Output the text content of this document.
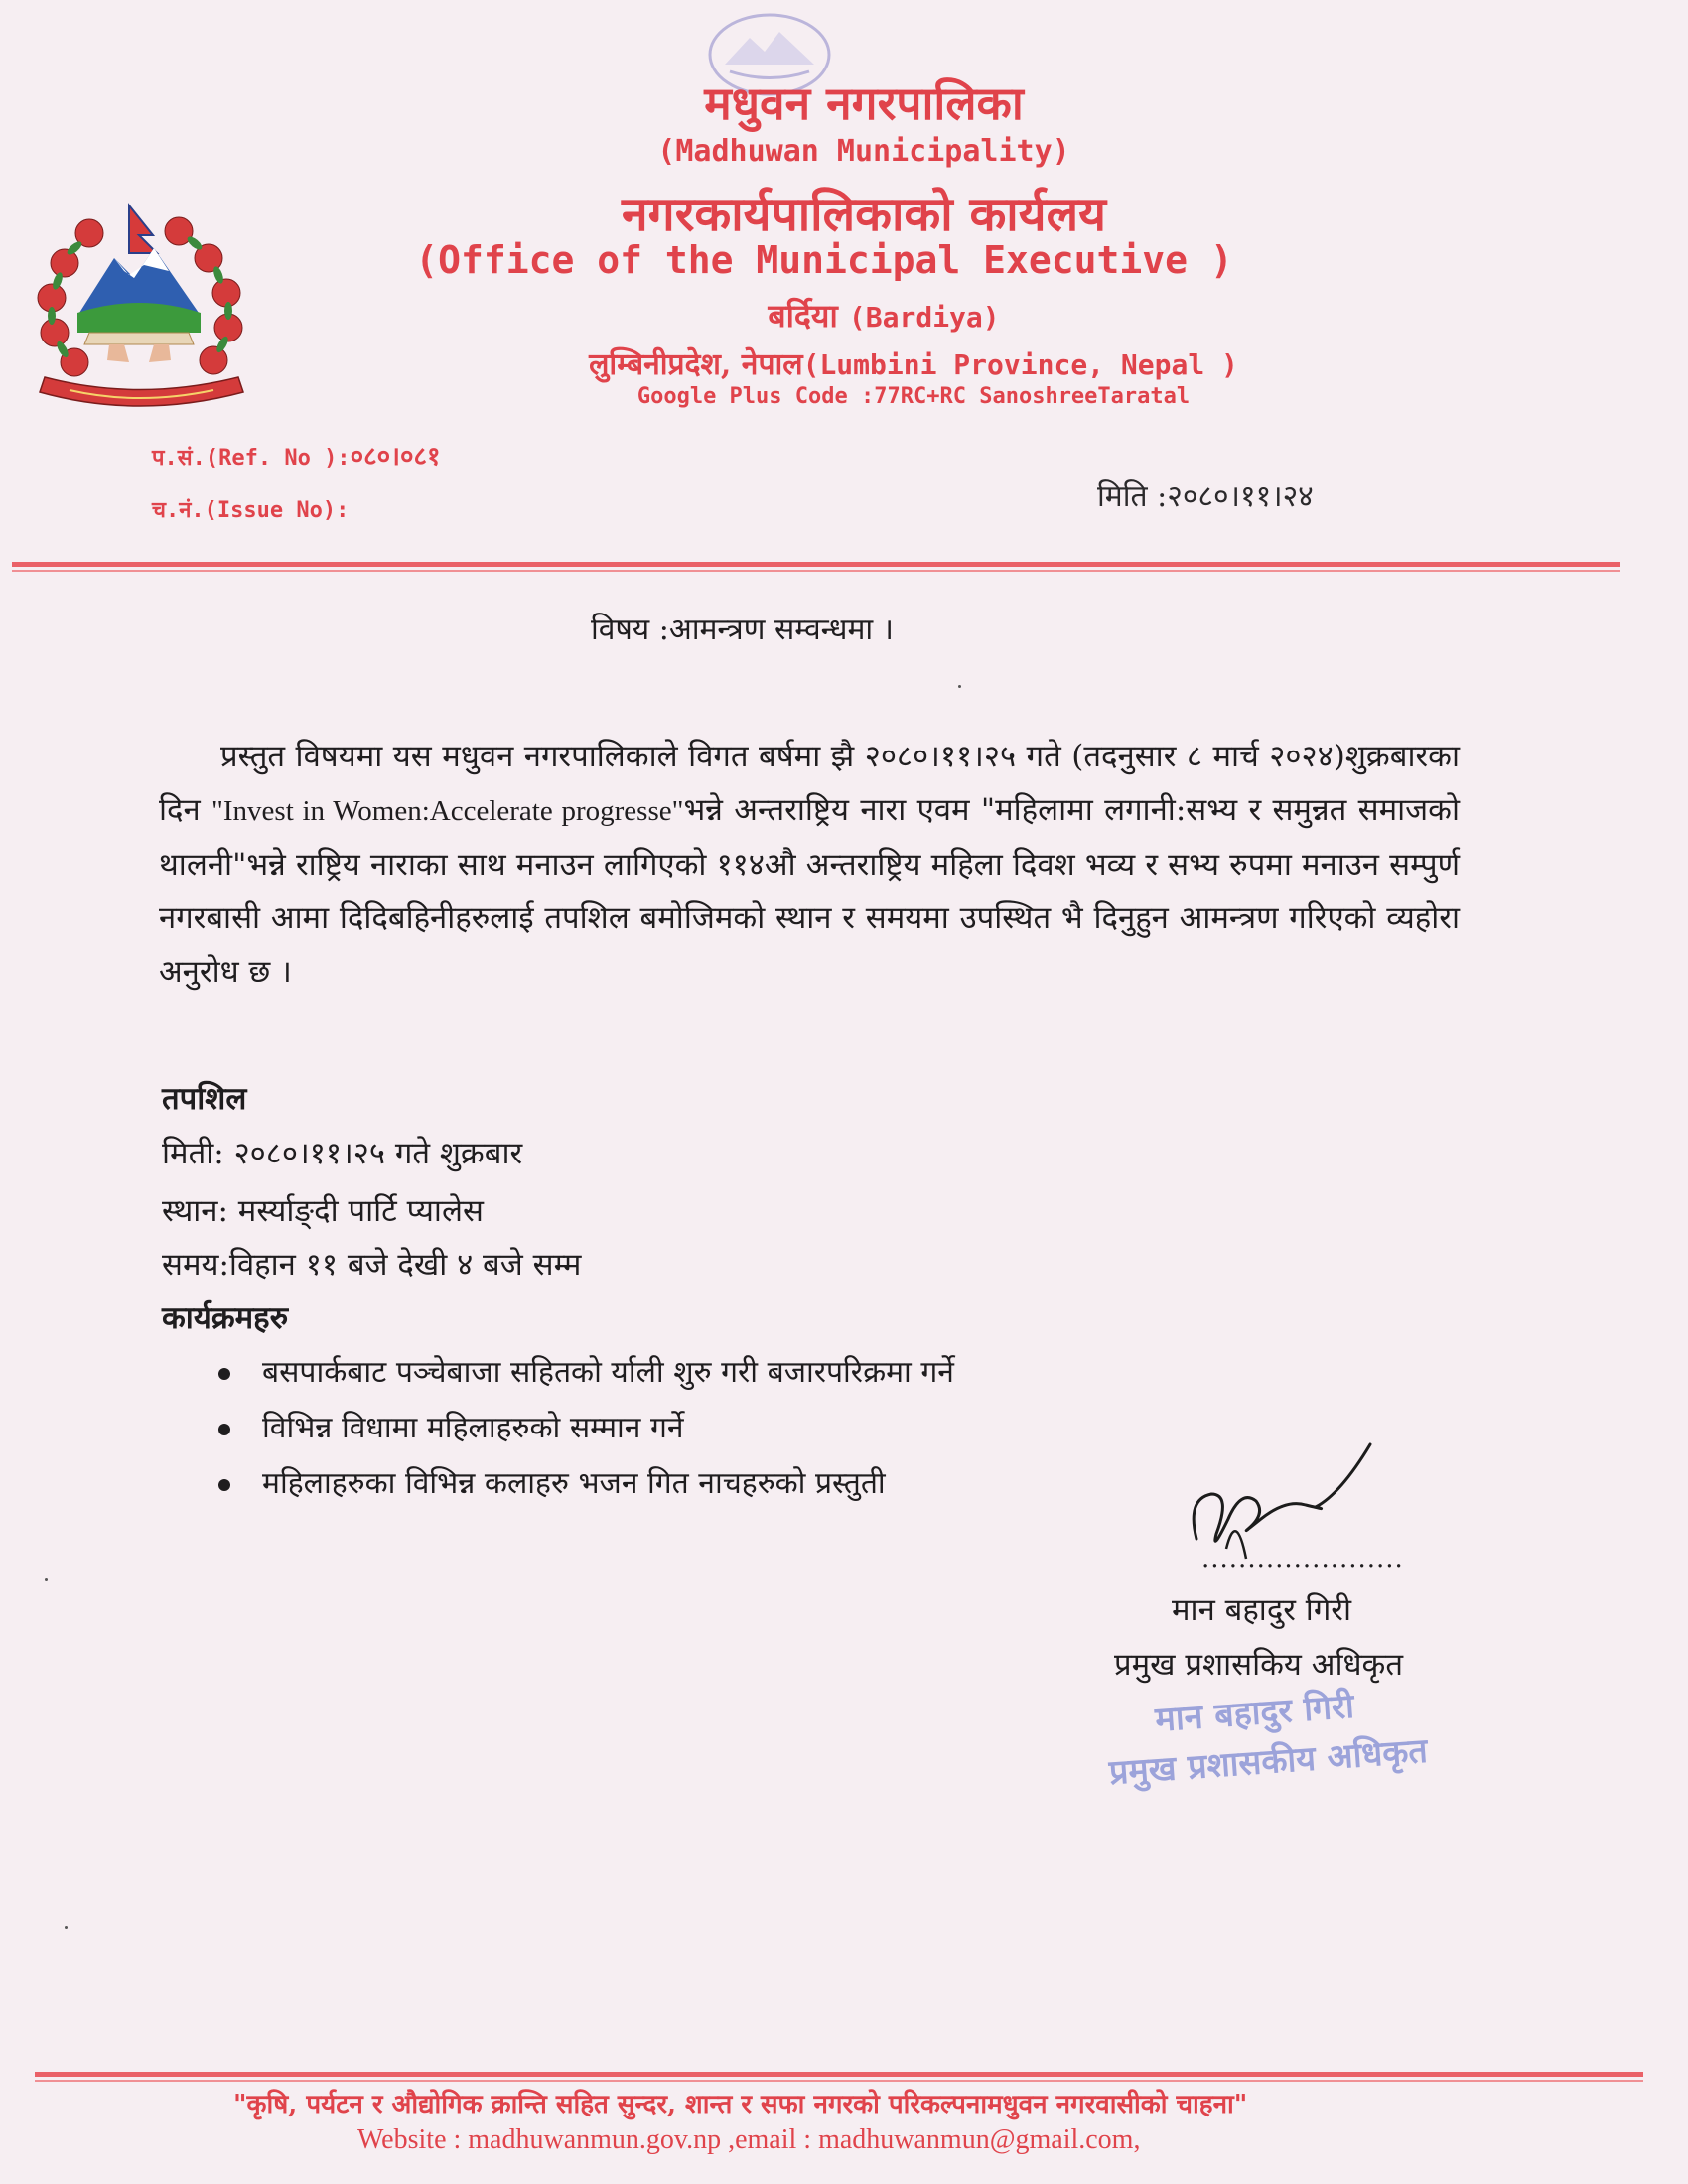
मधुवन नगरपालिका
(Madhuwan Municipality)
नगरकार्यपालिकाको कार्यलय
(Office of the Municipal Executive )
बर्दिया (Bardiya)
लुम्बिनीप्रदेश, नेपाल(Lumbini Province, Nepal )
Google Plus Code :77RC+RC SanoshreeTaratal
प.सं.(Ref. No ):०८०।०८१
च.नं.(Issue No):	मिति :२०८०।११।२४
विषय :आमन्त्रण सम्वन्धमा ।
प्रस्तुत विषयमा यस मधुवन नगरपालिकाले विगत बर्षमा झै २०८०।११।२५ गते (तदनुसार ८ मार्च २०२४)शुक्रबारका दिन "Invest in Women:Accelerate progresse"भन्ने अन्तराष्ट्रिय नारा एवम "महिलामा लगानी:सभ्य र समुन्नत समाजको थालनी"भन्ने राष्ट्रिय नाराका साथ मनाउन लागिएको ११४औ अन्तराष्ट्रिय महिला दिवश भव्य र सभ्य रुपमा मनाउन सम्पुर्ण नगरबासी आमा दिदिबहिनीहरुलाई तपशिल बमोजिमको स्थान र समयमा उपस्थित भै दिनुहुन आमन्त्रण गरिएको व्यहोरा अनुरोध छ ।
तपशिल
मिती: २०८०।११।२५ गते शुक्रबार
स्थान: मर्स्याङ्दी पार्टि प्यालेस
समय:विहान ११ बजे देखी ४ बजे सम्म
कार्यक्रमहरु
बसपार्कबाट पञ्चेबाजा सहितको र्याली शुरु गरी बजारपरिक्रमा गर्ने
विभिन्न विधामा महिलाहरुको सम्मान गर्ने
महिलाहरुका विभिन्न कलाहरु भजन गित नाचहरुको प्रस्तुती
......................
मान बहादुर गिरी
प्रमुख प्रशासकिय अधिकृत
मान बहादुर गिरी
प्रमुख प्रशासकीय अधिकृत
"कृषि, पर्यटन र औद्योगिक क्रान्ति सहित सुन्दर, शान्त र सफा नगरको परिकल्पनामधुवन नगरवासीको चाहना"
Website : madhuwanmun.gov.np ,email : madhuwanmun@gmail.com,
